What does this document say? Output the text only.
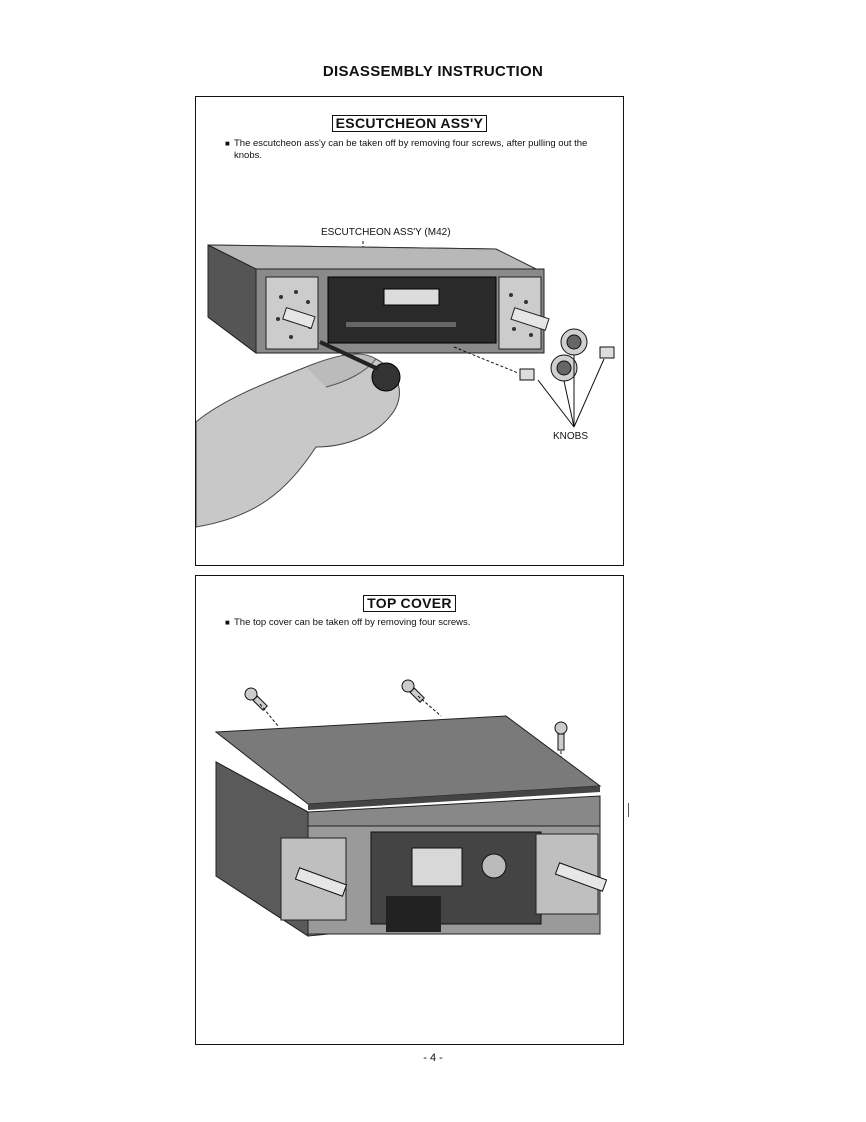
DISASSEMBLY INSTRUCTION
ESCUTCHEON ASS'Y
■ The escutcheon ass'y can be taken off by removing four screws, after pulling out the knobs.
ESCUTCHEON ASS'Y (M42)
KNOBS
TOP COVER
■ The top cover can be taken off by removing four screws.
- 4 -
